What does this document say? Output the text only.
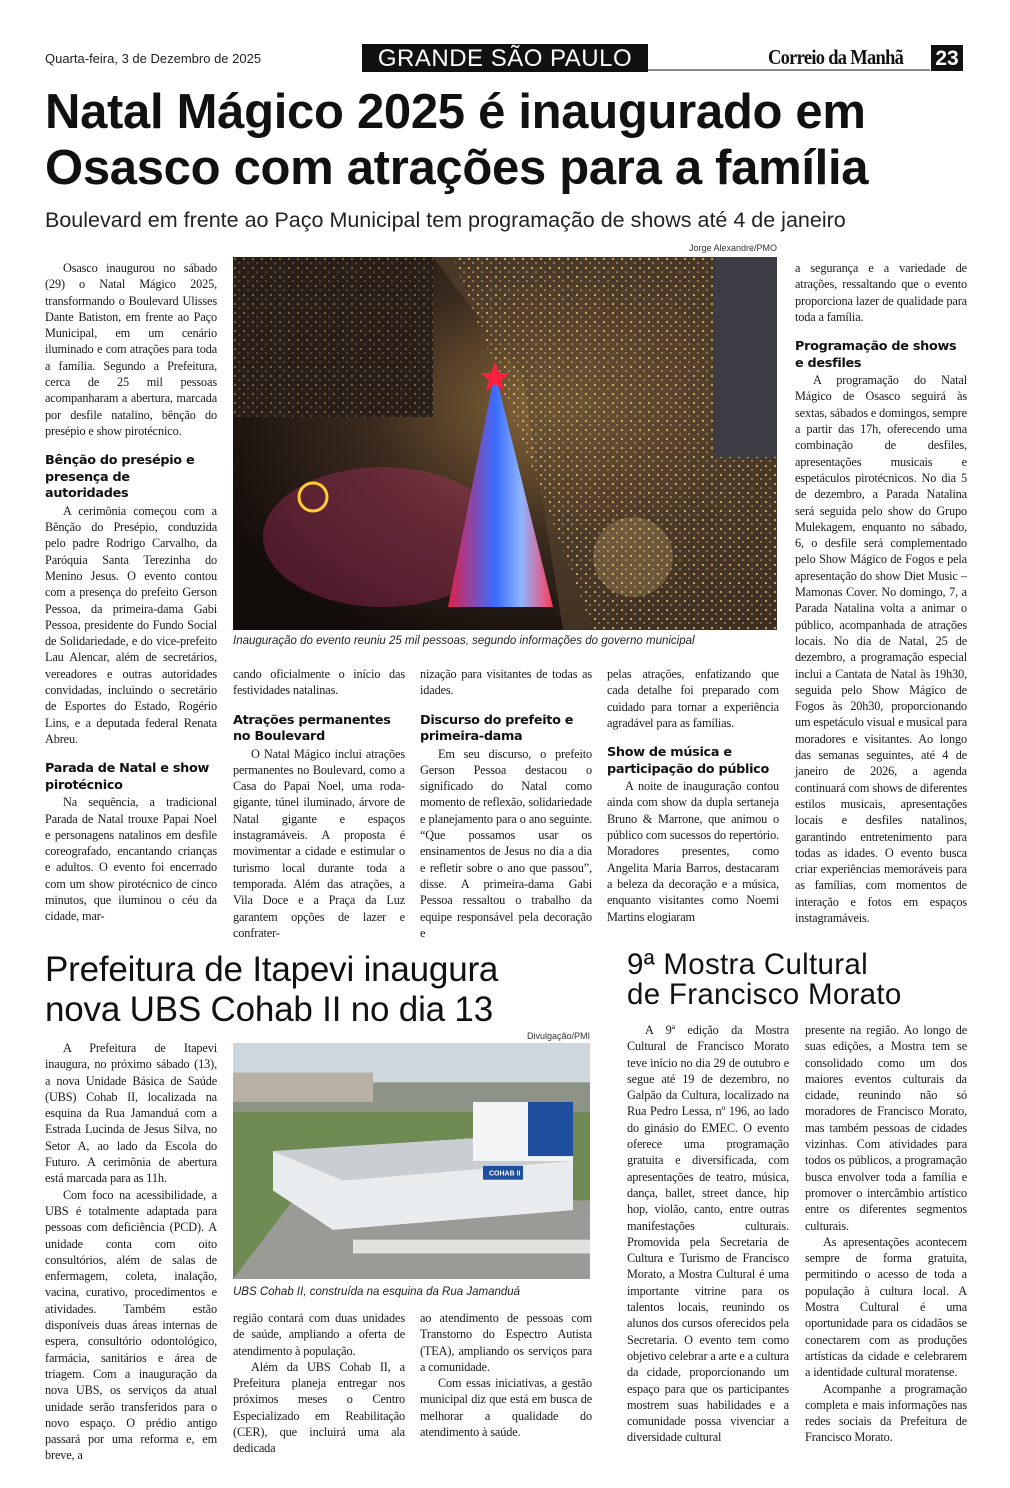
Quarta-feira, 3 de Dezembro de 2025	GRANDE SÃO PAULO	Correio da Manhã 23
Natal Mágico 2025 é inaugurado em
Osasco com atrações para a família
Boulevard em frente ao Paço Municipal tem programação de shows até 4 de janeiro
Jorge Alexandre/PMO
Inauguração do evento reuniu 25 mil pessoas, segundo informações do governo municipal

Osasco inaugurou no sábado (29) o Natal Mágico 2025, transformando o Boulevard Ulisses Dante Batiston, em frente ao Paço Municipal, em um cenário iluminado e com atrações para toda a família. Segundo a Prefeitura, cerca de 25 mil pessoas acompanharam a abertura, marcada por desfile natalino, bênção do presépio e show pirotécnico.

Bênção do presépio e presença de autoridades

A cerimônia começou com a Bênção do Presépio, conduzida pelo padre Rodrigo Carvalho, da Paróquia Santa Terezinha do Menino Jesus. O evento contou com a presença do prefeito Gerson Pessoa, da primeira-dama Gabi Pessoa, presidente do Fundo Social de Solidariedade, e do vice-prefeito Lau Alencar, além de secretários, vereadores e outras autoridades convidadas, incluindo o secretário de Esportes do Estado, Rogério Lins, e a deputada federal Renata Abreu.

Parada de Natal e show pirotécnico

Na sequência, a tradicional Parada de Natal trouxe Papai Noel e personagens natalinos em desfile coreografado, encantando crianças e adultos. O evento foi encerrado com um show pirotécnico de cinco minutos, que iluminou o céu da cidade, mar-

cando oficialmente o início das festividades natalinas.

Atrações permanentes no Boulevard

O Natal Mágico inclui atrações permanentes no Boulevard, como a Casa do Papai Noel, uma roda-gigante, túnel iluminado, árvore de Natal gigante e espaços instagramáveis. A proposta é movimentar a cidade e estimular o turismo local durante toda a temporada. Além das atrações, a Vila Doce e a Praça da Luz garantem opções de lazer e confrater-

nização para visitantes de todas as idades.

Discurso do prefeito e primeira-dama

Em seu discurso, o prefeito Gerson Pessoa destacou o significado do Natal como momento de reflexão, solidariedade e planejamento para o ano seguinte. “Que possamos usar os ensinamentos de Jesus no dia a dia e refletir sobre o ano que passou”, disse. A primeira-dama Gabi Pessoa ressaltou o trabalho da equipe responsável pela decoração e

pelas atrações, enfatizando que cada detalhe foi preparado com cuidado para tornar a experiência agradável para as famílias.

Show de música e participação do público

A noite de inauguração contou ainda com show da dupla sertaneja Bruno & Marrone, que animou o público com sucessos do repertório. Moradores presentes, como Angelita Maria Barros, destacaram a beleza da decoração e a música, enquanto visitantes como Noemi Martins elogiaram

a segurança e a variedade de atrações, ressaltando que o evento proporciona lazer de qualidade para toda a família.

Programação de shows e desfiles

A programação do Natal Mágico de Osasco seguirá às sextas, sábados e domingos, sempre a partir das 17h, oferecendo uma combinação de desfiles, apresentações musicais e espetáculos pirotécnicos. No dia 5 de dezembro, a Parada Natalina será seguida pelo show do Grupo Mulekagem, enquanto no sábado, 6, o desfile será complementado pelo Show Mágico de Fogos e pela apresentação do show Diet Music – Mamonas Cover. No domingo, 7, a Parada Natalina volta a animar o público, acompanhada de atrações locais. No dia de Natal, 25 de dezembro, a programação especial inclui a Cantata de Natal às 19h30, seguida pelo Show Mágico de Fogos às 20h30, proporcionando um espetáculo visual e musical para moradores e visitantes. Ao longo das semanas seguintes, até 4 de janeiro de 2026, a agenda continuará com shows de diferentes estilos musicais, apresentações locais e desfiles natalinos, garantindo entretenimento para todas as idades. O evento busca criar experiências memoráveis para as famílias, com momentos de interação e fotos em espaços instagramáveis.

Prefeitura de Itapevi inaugura
nova UBS Cohab II no dia 13
Divulgação/PMI
COHAB II
UBS Cohab II, construída na esquina da Rua Jamanduá

A Prefeitura de Itapevi inaugura, no próximo sábado (13), a nova Unidade Básica de Saúde (UBS) Cohab II, localizada na esquina da Rua Jamanduá com a Estrada Lucinda de Jesus Silva, no Setor A, ao lado da Escola do Futuro. A cerimônia de abertura está marcada para as 11h.

Com foco na acessibilidade, a UBS é totalmente adaptada para pessoas com deficiência (PCD). A unidade conta com oito consultórios, além de salas de enfermagem, coleta, inalação, vacina, curativo, procedimentos e atividades. Também estão disponíveis duas áreas internas de espera, consultório odontológico, farmácia, sanitários e área de triagem. Com a inauguração da nova UBS, os serviços da atual unidade serão transferidos para o novo espaço. O prédio antigo passará por uma reforma e, em breve, a

região contará com duas unidades de saúde, ampliando a oferta de atendimento à população.

Além da UBS Cohab II, a Prefeitura planeja entregar nos próximos meses o Centro Especializado em Reabilitação (CER), que incluirá uma ala dedicada

ao atendimento de pessoas com Transtorno do Espectro Autista (TEA), ampliando os serviços para a comunidade.

Com essas iniciativas, a gestão municipal diz que está em busca de melhorar a qualidade do atendimento à saúde.

9ª Mostra Cultural
de Francisco Morato

A 9ª edição da Mostra Cultural de Francisco Morato teve início no dia 29 de outubro e segue até 19 de dezembro, no Galpão da Cultura, localizado na Rua Pedro Lessa, nº 196, ao lado do ginásio do EMEC. O evento oferece uma programação gratuita e diversificada, com apresentações de teatro, música, dança, ballet, street dance, hip hop, violão, canto, entre outras manifestações culturais. Promovida pela Secretaria de Cultura e Turismo de Francisco Morato, a Mostra Cultural é uma importante vitrine para os talentos locais, reunindo os alunos dos cursos oferecidos pela Secretaria. O evento tem como objetivo celebrar a arte e a cultura da cidade, proporcionando um espaço para que os participantes mostrem suas habilidades e a comunidade possa vivenciar a diversidade cultural

presente na região. Ao longo de suas edições, a Mostra tem se consolidado como um dos maiores eventos culturais da cidade, reunindo não só moradores de Francisco Morato, mas também pessoas de cidades vizinhas. Com atividades para todos os públicos, a programação busca envolver toda a família e promover o intercâmbio artístico entre os diferentes segmentos culturais.

As apresentações acontecem sempre de forma gratuita, permitindo o acesso de toda a população à cultura local. A Mostra Cultural é uma oportunidade para os cidadãos se conectarem com as produções artísticas da cidade e celebrarem a identidade cultural moratense.

Acompanhe a programação completa e mais informações nas redes sociais da Prefeitura de Francisco Morato.
